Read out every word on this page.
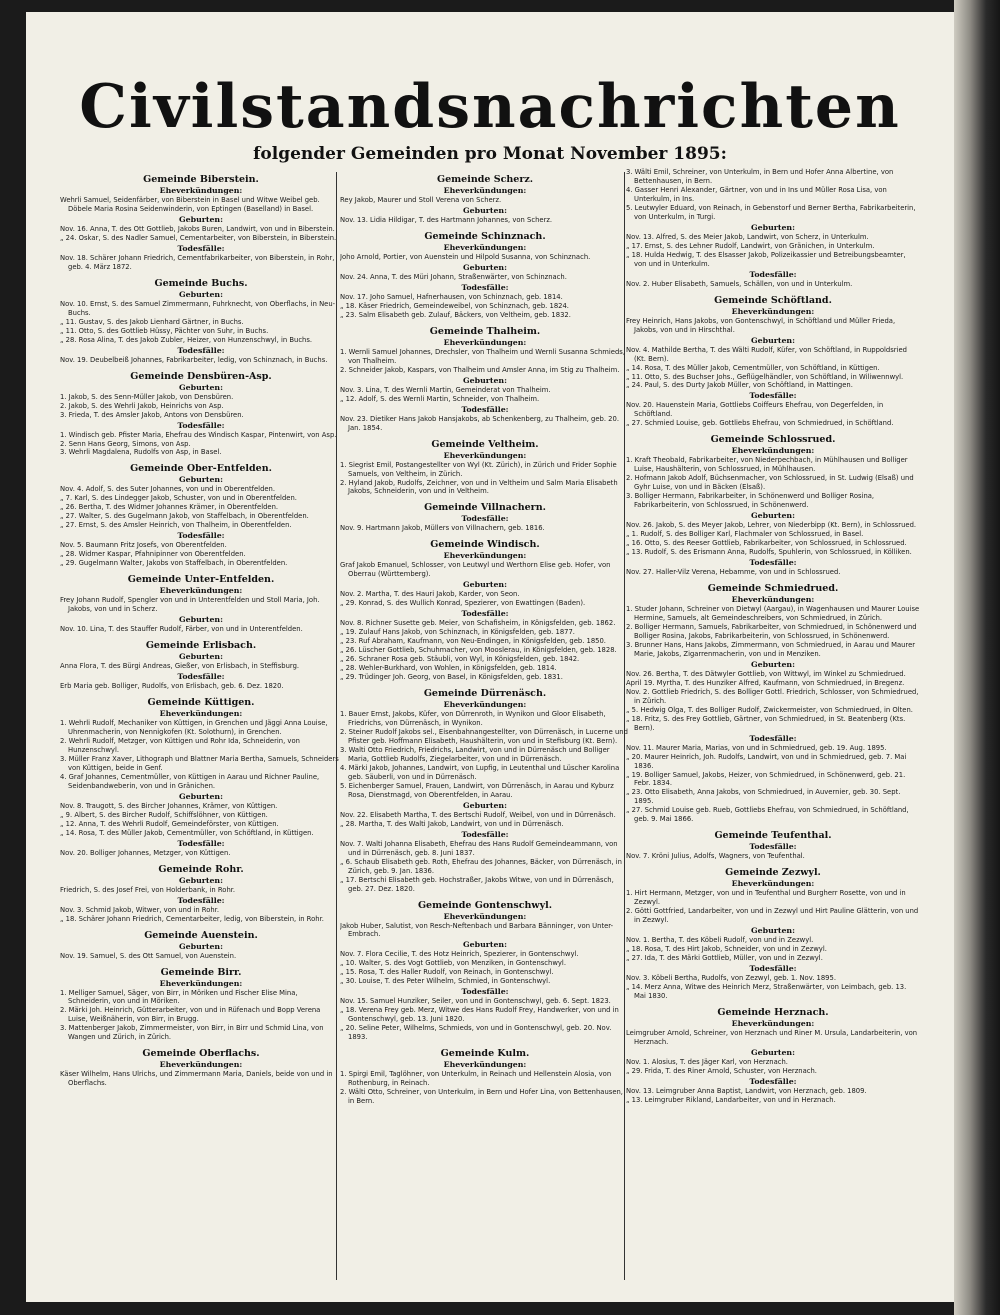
Civilstandsnachrichten
folgender Gemeinden pro Monat November 1895:
Gemeinde Biberstein.
Eheverkündungen:

Wehrli Samuel, Seidenfärber, von Biberstein in Basel und Witwe Weibel geb. Döbele Maria Rosina Seidenwinderin, von Eptingen (Baselland) in Basel.

Geburten:

Nov. 16. Anna, T. des Ott Gottlieb, Jakobs Buren, Landwirt, von und in Biberstein.

„ 24. Oskar, S. des Nadler Samuel, Cementarbeiter, von Biberstein, in Biberstein.

Todesfälle:

Nov. 18. Schärer Johann Friedrich, Cementfabrikarbeiter, von Biberstein, in Rohr, geb. 4. März 1872.

Gemeinde Buchs.
Geburten:

Nov. 10. Ernst, S. des Samuel Zimmermann, Fuhrknecht, von Oberflachs, in Neu-Buchs.

„ 11. Gustav, S. des Jakob Lienhard Gärtner, in Buchs.

„ 11. Otto, S. des Gottlieb Hüssy, Pächter von Suhr, in Buchs.

„ 28. Rosa Alina, T. des Jakob Zubler, Heizer, von Hunzenschwyl, in Buchs.

Todesfälle:

Nov. 19. Deubelbeiß Johannes, Fabrikarbeiter, ledig, von Schinznach, in Buchs.

Gemeinde Densbüren-Asp.
Geburten:

1. Jakob, S. des Senn-Müller Jakob, von Densbüren.

2. Jakob, S. des Wehrli Jakob, Heinrichs von Asp.

3. Frieda, T. des Amsler Jakob, Antons von Densbüren.

Todesfälle:

1. Windisch geb. Pfister Maria, Ehefrau des Windisch Kaspar, Pintenwirt, von Asp.

2. Senn Hans Georg, Simons, von Asp.

3. Wehrli Magdalena, Rudolfs von Asp, in Basel.

Gemeinde Ober-Entfelden.
Geburten:

Nov. 4. Adolf, S. des Suter Johannes, von und in Oberentfelden.

„ 7. Karl, S. des Lindegger Jakob, Schuster, von und in Oberentfelden.

„ 26. Bertha, T. des Widmer Johannes Krämer, in Oberentfelden.

„ 27. Walter, S. des Gugelmann Jakob, von Staffelbach, in Oberentfelden.

„ 27. Ernst, S. des Amsler Heinrich, von Thalheim, in Oberentfelden.

Todesfälle:

Nov. 5. Baumann Fritz Josefs, von Oberentfelden.

„ 28. Widmer Kaspar, Pfahnipinner von Oberentfelden.

„ 29. Gugelmann Walter, Jakobs von Staffelbach, in Oberentfelden.

Gemeinde Unter-Entfelden.
Eheverkündungen:

Frey Johann Rudolf, Spengler von und in Unterentfelden und Stoll Maria, Joh. Jakobs, von und in Scherz.

Geburten:

Nov. 10. Lina, T. des Stauffer Rudolf, Färber, von und in Unterentfelden.

Gemeinde Erlisbach.
Geburten:

Anna Flora, T. des Bürgi Andreas, Gießer, von Erlisbach, in Steffisburg.

Todesfälle:

Erb Maria geb. Bolliger, Rudolfs, von Erlisbach, geb. 6. Dez. 1820.

Gemeinde Küttigen.
Eheverkündungen:

1. Wehrli Rudolf, Mechaniker von Küttigen, in Grenchen und Jäggi Anna Louise, Uhrenmacherin, von Nennigkofen (Kt. Solothurn), in Grenchen.

2. Wehrli Rudolf, Metzger, von Küttigen und Rohr Ida, Schneiderin, von Hunzenschwyl.

3. Müller Franz Xaver, Lithograph und Blattner Maria Bertha, Samuels, Schneiders von Küttigen, beide in Genf.

4. Graf Johannes, Cementmüller, von Küttigen in Aarau und Richner Pauline, Seidenbandweberin, von und in Gränichen.

Geburten:

Nov. 8. Traugott, S. des Bircher Johannes, Krämer, von Küttigen.

„ 9. Albert, S. des Bircher Rudolf, Schiffslöhner, von Küttigen.

„ 12. Anna, T. des Wehrli Rudolf, Gemeindeförster, von Küttigen.

„ 14. Rosa, T. des Müller Jakob, Cementmüller, von Schöftland, in Küttigen.

Todesfälle:

Nov. 20. Bolliger Johannes, Metzger, von Küttigen.

Gemeinde Rohr.
Geburten:

Friedrich, S. des Josef Frei, von Holderbank, in Rohr.

Todesfälle:

Nov. 3. Schmid Jakob, Witwer, von und in Rohr.

„ 18. Schärer Johann Friedrich, Cementarbeiter, ledig, von Biberstein, in Rohr.

Gemeinde Auenstein.
Geburten:

Nov. 19. Samuel, S. des Ott Samuel, von Auenstein.

Gemeinde Birr.
Eheverkündungen:

1. Melliger Samuel, Säger, von Birr, in Möriken und Fischer Elise Mina, Schneiderin, von und in Möriken.

2. Märki Joh. Heinrich, Gütterarbeiter, von und in Rüfenach und Bopp Verena Luise, Weißnäherin, von Birr, in Brugg.

3. Mattenberger Jakob, Zimmermeister, von Birr, in Birr und Schmid Lina, von Wangen und Zürich, in Zürich.

Gemeinde Oberflachs.
Eheverkündungen:

Käser Wilhelm, Hans Ulrichs, und Zimmermann Maria, Daniels, beide von und in Oberflachs.

Gemeinde Scherz.
Eheverkündungen:

Rey Jakob, Maurer und Stoll Verena von Scherz.

Geburten:

Nov. 13. Lidia Hildigar, T. des Hartmann Johannes, von Scherz.

Gemeinde Schinznach.
Eheverkündungen:

Joho Arnold, Portier, von Auenstein und Hilpold Susanna, von Schinznach.

Geburten:

Nov. 24. Anna, T. des Müri Johann, Straßenwärter, von Schinznach.

Todesfälle:

Nov. 17. Joho Samuel, Hafnerhausen, von Schinznach, geb. 1814.

„ 18. Käser Friedrich, Gemeindeweibel, von Schinznach, geb. 1824.

„ 23. Salm Elisabeth geb. Zulauf, Bäckers, von Veltheim, geb. 1832.

Gemeinde Thalheim.
Eheverkündungen:

1. Wernli Samuel Johannes, Drechsler, von Thalheim und Wernli Susanna Schmieds, von Thalheim.

2. Schneider Jakob, Kaspars, von Thalheim und Amsler Anna, im Stig zu Thalheim.

Geburten:

Nov. 3. Lina, T. des Wernli Martin, Gemeinderat von Thalheim.

„ 12. Adolf, S. des Wernli Martin, Schneider, von Thalheim.

Todesfälle:

Nov. 23. Dietiker Hans Jakob Hansjakobs, ab Schenkenberg, zu Thalheim, geb. 20. Jan. 1854.

Gemeinde Veltheim.
Eheverkündungen:

1. Siegrist Emil, Postangestellter von Wyl (Kt. Zürich), in Zürich und Frider Sophie Samuels, von Veltheim, in Zürich.

2. Hyland Jakob, Rudolfs, Zeichner, von und in Veltheim und Salm Maria Elisabeth Jakobs, Schneiderin, von und in Veltheim.

Gemeinde Villnachern.
Todesfälle:

Nov. 9. Hartmann Jakob, Müllers von Villnachern, geb. 1816.

Gemeinde Windisch.
Eheverkündungen:

Graf Jakob Emanuel, Schlosser, von Leutwyl und Werthorn Elise geb. Hofer, von Oberrau (Württemberg).

Geburten:

Nov. 2. Martha, T. des Hauri Jakob, Karder, von Seon.

„ 29. Konrad, S. des Wullich Konrad, Spezierer, von Ewattingen (Baden).

Todesfälle:

Nov. 8. Richner Susette geb. Meier, von Schafisheim, in Königsfelden, geb. 1862.

„ 19. Zulauf Hans Jakob, von Schinznach, in Königsfelden, geb. 1877.

„ 23. Ruf Abraham, Kaufmann, von Neu-Endingen, in Königsfelden, geb. 1850.

„ 26. Lüscher Gottlieb, Schuhmacher, von Mooslerau, in Königsfelden, geb. 1828.

„ 26. Schraner Rosa geb. Stäubli, von Wyl, in Königsfelden, geb. 1842.

„ 28. Wehler-Burkhard, von Wohlen, in Königsfelden, geb. 1814.

„ 29. Trüdinger Joh. Georg, von Basel, in Königsfelden, geb. 1831.

Gemeinde Dürrenäsch.
Eheverkündungen:

1. Bauer Ernst, Jakobs, Küfer, von Dürrenroth, in Wynikon und Gloor Elisabeth, Friedrichs, von Dürrenäsch, in Wynikon.

2. Steiner Rudolf Jakobs sel., Eisenbahnangestellter, von Dürrenäsch, in Lucerne und Pfister geb. Hoffmann Elisabeth, Haushälterin, von und in Stefisburg (Kt. Bern).

3. Walti Otto Friedrich, Friedrichs, Landwirt, von und in Dürrenäsch und Bolliger Maria, Gottlieb Rudolfs, Ziegelarbeiter, von und in Dürrenäsch.

4. Märki Jakob, Johannes, Landwirt, von Lupfig, in Leutenthal und Lüscher Karolina geb. Säuberli, von und in Dürrenäsch.

5. Eichenberger Samuel, Frauen, Landwirt, von Dürrenäsch, in Aarau und Kyburz Rosa, Dienstmagd, von Oberentfelden, in Aarau.

Geburten:

Nov. 22. Elisabeth Martha, T. des Bertschi Rudolf, Weibel, von und in Dürrenäsch.

„ 28. Martha, T. des Walti Jakob, Landwirt, von und in Dürrenäsch.

Todesfälle:

Nov. 7. Walti Johanna Elisabeth, Ehefrau des Hans Rudolf Gemeindeammann, von und in Dürrenäsch, geb. 8. Juni 1837.

„ 6. Schaub Elisabeth geb. Roth, Ehefrau des Johannes, Bäcker, von Dürrenäsch, in Zürich, geb. 9. Jan. 1836.

„ 17. Bertschi Elisabeth geb. Hochstraßer, Jakobs Witwe, von und in Dürrenäsch, geb. 27. Dez. 1820.

Gemeinde Gontenschwyl.
Eheverkündungen:

Jakob Huber, Salutist, von Resch-Neftenbach und Barbara Bänninger, von Unter-Embrach.

Geburten:

Nov. 7. Flora Cecilie, T. des Hotz Heinrich, Spezierer, in Gontenschwyl.

„ 10. Walter, S. des Vogt Gottlieb, von Menziken, in Gontenschwyl.

„ 15. Rosa, T. des Haller Rudolf, von Reinach, in Gontenschwyl.

„ 30. Louise, T. des Peter Wilhelm, Schmied, in Gontenschwyl.

Todesfälle:

Nov. 15. Samuel Hunziker, Seiler, von und in Gontenschwyl, geb. 6. Sept. 1823.

„ 18. Verena Frey geb. Merz, Witwe des Hans Rudolf Frey, Handwerker, von und in Gontenschwyl, geb. 13. Juni 1820.

„ 20. Seline Peter, Wilhelms, Schmieds, von und in Gontenschwyl, geb. 20. Nov. 1893.

Gemeinde Kulm.
Eheverkündungen:

1. Spirgi Emil, Taglöhner, von Unterkulm, in Reinach und Hellenstein Alosia, von Rothenburg, in Reinach.

2. Wälti Otto, Schreiner, von Unterkulm, in Bern und Hofer Lina, von Bettenhausen, in Bern.

3. Wälti Emil, Schreiner, von Unterkulm, in Bern und Hofer Anna Albertine, von Bettenhausen, in Bern.

4. Gasser Henri Alexander, Gärtner, von und in Ins und Müller Rosa Lisa, von Unterkulm, in Ins.

5. Leutwyler Eduard, von Reinach, in Gebenstorf und Berner Bertha, Fabrikarbeiterin, von Unterkulm, in Turgi.

Geburten:

Nov. 13. Alfred, S. des Meier Jakob, Landwirt, von Scherz, in Unterkulm.

„ 17. Ernst, S. des Lehner Rudolf, Landwirt, von Gränichen, in Unterkulm.

„ 18. Hulda Hedwig, T. des Elsasser Jakob, Polizeikassier und Betreibungsbeamter, von und in Unterkulm.

Todesfälle:

Nov. 2. Huber Elisabeth, Samuels, Schällen, von und in Unterkulm.

Gemeinde Schöftland.
Eheverkündungen:

Frey Heinrich, Hans Jakobs, von Gontenschwyl, in Schöftland und Müller Frieda, Jakobs, von und in Hirschthal.

Geburten:

Nov. 4. Mathilde Bertha, T. des Wälti Rudolf, Küfer, von Schöftland, in Ruppoldsried (Kt. Bern).

„ 14. Rosa, T. des Müller Jakob, Cementmüller, von Schöftland, in Küttigen.

„ 11. Otto, S. des Buchser Johs., Geflügelhändler, von Schöftland, in Wiliwennwyl.

„ 24. Paul, S. des Durty Jakob Müller, von Schöftland, in Mattingen.

Todesfälle:

Nov. 20. Hauenstein Maria, Gottliebs Coiffeurs Ehefrau, von Degerfelden, in Schöftland.

„ 27. Schmied Louise, geb. Gottliebs Ehefrau, von Schmiedrued, in Schöftland.

Gemeinde Schlossrued.
Eheverkündungen:

1. Kraft Theobald, Fabrikarbeiter, von Niederpechbach, in Mühlhausen und Bolliger Luise, Haushälterin, von Schlossrued, in Mühlhausen.

2. Hofmann Jakob Adolf, Büchsenmacher, von Schlossrued, in St. Ludwig (Elsaß) und Gyhr Luise, von und in Bäcken (Elsaß).

3. Bolliger Hermann, Fabrikarbeiter, in Schönenwerd und Bolliger Rosina, Fabrikarbeiterin, von Schlossrued, in Schönenwerd.

Geburten:

Nov. 26. Jakob, S. des Meyer Jakob, Lehrer, von Niederbipp (Kt. Bern), in Schlossrued.

„ 1. Rudolf, S. des Bolliger Karl, Flachmaler von Schlossrued, in Basel.

„ 16. Otto, S. des Reeser Gottlieb, Fabrikarbeiter, von Schlossrued, in Schlossrued.

„ 13. Rudolf, S. des Erismann Anna, Rudolfs, Spuhlerin, von Schlossrued, in Kölliken.

Todesfälle:

Nov. 27. Haller-Vilz Verena, Hebamme, von und in Schlossrued.

Gemeinde Schmiedrued.
Eheverkündungen:

1. Studer Johann, Schreiner von Dietwyl (Aargau), in Wagenhausen und Maurer Louise Hermine, Samuels, alt Gemeindeschreibers, von Schmiedrued, in Zürich.

2. Bolliger Hermann, Samuels, Fabrikarbeiter, von Schmiedrued, in Schönenwerd und Bolliger Rosina, Jakobs, Fabrikarbeiterin, von Schlossrued, in Schönenwerd.

3. Brunner Hans, Hans Jakobs, Zimmermann, von Schmiedrued, in Aarau und Maurer Marie, Jakobs, Zigarrenmacherin, von und in Menziken.

Geburten:

Nov. 26. Bertha, T. des Dätwyler Gottlieb, von Wittwyl, im Winkel zu Schmiedrued.

April 19. Myrtha, T. des Hunziker Alfred, Kaufmann, von Schmiedrued, in Bregenz.

Nov. 2. Gottlieb Friedrich, S. des Bolliger Gottl. Friedrich, Schlosser, von Schmiedrued, in Zürich.

„ 5. Hedwig Olga, T. des Bolliger Rudolf, Zwickermeister, von Schmiedrued, in Olten.

„ 18. Fritz, S. des Frey Gottlieb, Gärtner, von Schmiedrued, in St. Beatenberg (Kts. Bern).

Todesfälle:

Nov. 11. Maurer Maria, Marias, von und in Schmiedrued, geb. 19. Aug. 1895.

„ 20. Maurer Heinrich, Joh. Rudolfs, Landwirt, von und in Schmiedrued, geb. 7. Mai 1836.

„ 19. Bolliger Samuel, Jakobs, Heizer, von Schmiedrued, in Schönenwerd, geb. 21. Febr. 1834.

„ 23. Otto Elisabeth, Anna Jakobs, von Schmiedrued, in Auvernier, geb. 30. Sept. 1895.

„ 27. Schmid Louise geb. Rueb, Gottliebs Ehefrau, von Schmiedrued, in Schöftland, geb. 9. Mai 1866.

Gemeinde Teufenthal.
Todesfälle:

Nov. 7. Kröni Julius, Adolfs, Wagners, von Teufenthal.

Gemeinde Zezwyl.
Eheverkündungen:

1. Hirt Hermann, Metzger, von und in Teufenthal und Burgherr Rosette, von und in Zezwyl.

2. Götti Gottfried, Landarbeiter, von und in Zezwyl und Hirt Pauline Glätterin, von und in Zezwyl.

Geburten:

Nov. 1. Bertha, T. des Köbeli Rudolf, von und in Zezwyl.

„ 18. Rosa, T. des Hirt Jakob, Schneider, von und in Zezwyl.

„ 27. Ida, T. des Märki Gottlieb, Müller, von und in Zezwyl.

Todesfälle:

Nov. 3. Köbeli Bertha, Rudolfs, von Zezwyl, geb. 1. Nov. 1895.

„ 14. Merz Anna, Witwe des Heinrich Merz, Straßenwärter, von Leimbach, geb. 13. Mai 1830.

Gemeinde Herznach.
Eheverkündungen:

Leimgruber Arnold, Schreiner, von Herznach und Riner M. Ursula, Landarbeiterin, von Herznach.

Geburten:

Nov. 1. Alosius, T. des Jäger Karl, von Herznach.

„ 29. Frida, T. des Riner Arnold, Schuster, von Herznach.

Todesfälle:

Nov. 13. Leimgruber Anna Baptist, Landwirt, von Herznach, geb. 1809.

„ 13. Leimgruber Rikland, Landarbeiter, von und in Herznach.
